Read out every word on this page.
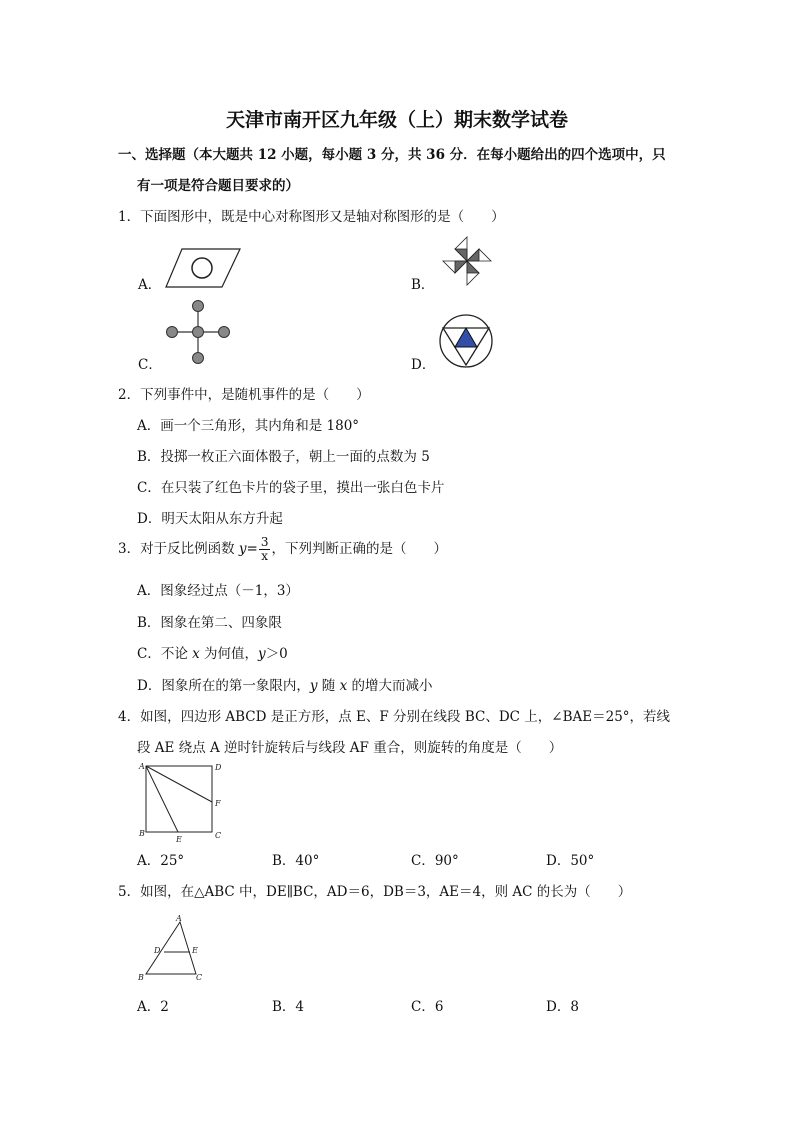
天津市南开区九年级（上）期末数学试卷
一、选择题（本大题共 12 小题，每小题 3 分，共 36 分．在每小题给出的四个选项中，只
有一项是符合题目要求的）
1．下面图形中，既是中心对称图形又是轴对称图形的是（　　）
A．	B．
C．	D．
2．下列事件中，是随机事件的是（　　）
A．画一个三角形，其内角和是 180°
B．投掷一枚正六面体骰子，朝上一面的点数为 5
C．在只装了红色卡片的袋子里，摸出一张白色卡片
D．明天太阳从东方升起
3．对于反比例函数 $y= \frac{3}{x}$ ，下列判断正确的是（　　）
A．图象经过点（－1，3）
B．图象在第二、四象限
C．不论 x 为何值，y＞0
D．图象所在的第一象限内，y 随 x 的增大而减小
4．如图，四边形 ABCD 是正方形，点 E、F 分别在线段 BC、DC 上，∠BAE＝25°，若线
段 AE 绕点 A 逆时针旋转后与线段 AF 重合，则旋转的角度是（　　）
A	D
B	C
E
F
A．25°	B．40°	C．90°	D．50°
5．如图，在△ABC 中，DE∥BC，AD＝6，DB＝3，AE＝4，则 AC 的长为（　　）
A
D	E
B	C
A．2	B．4	C．6	D．8
